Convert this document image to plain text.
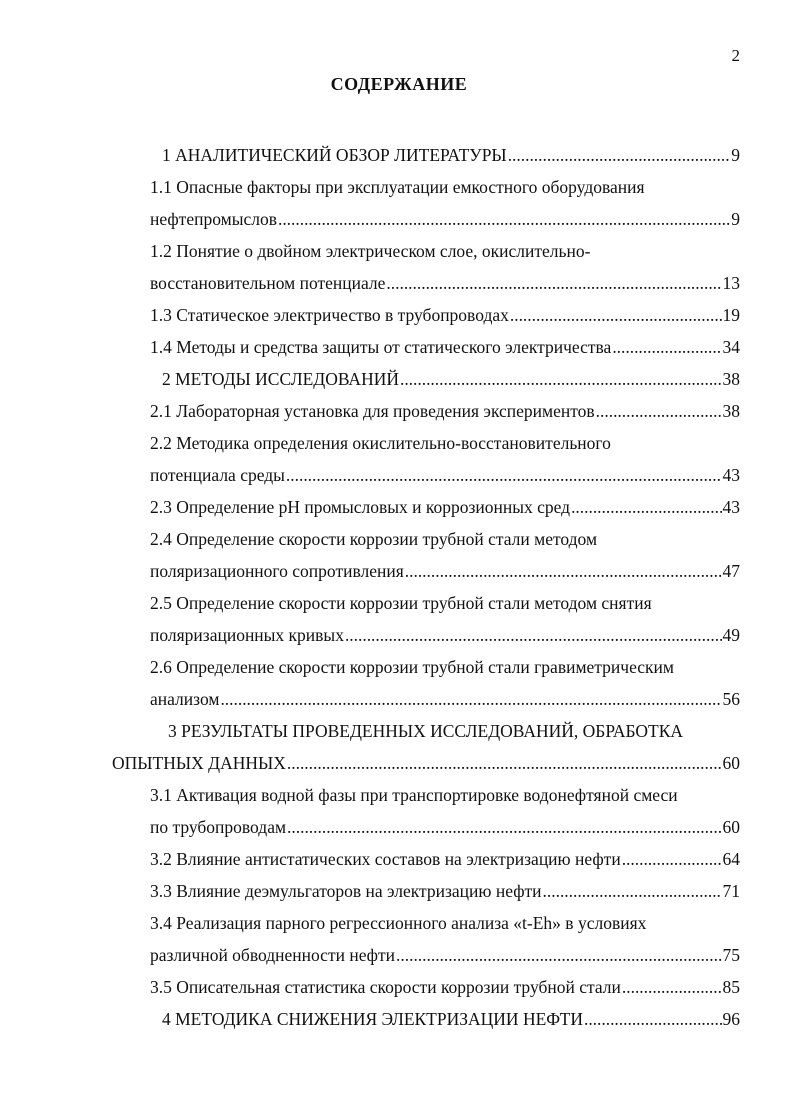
2
СОДЕРЖАНИЕ
1 АНАЛИТИЧЕСКИЙ ОБЗОР ЛИТЕРАТУРЫ . . .	9
1.1 Опасные факторы при эксплуатации емкостного оборудования
нефтепромыслов . . .	9
1.2 Понятие о двойном электрическом слое, окислительно-
восстановительном потенциале . . .	13
1.3 Статическое электричество в трубопроводах . . .	19
1.4 Методы и средства защиты от статического электричества . . .	34
2 МЕТОДЫ ИССЛЕДОВАНИЙ . . .	38
2.1 Лабораторная установка для проведения экспериментов . . .	38
2.2 Методика определения окислительно-восстановительного
потенциала среды . . .	43
2.3 Определение pH промысловых и коррозионных сред . . .	43
2.4 Определение скорости коррозии трубной стали методом
поляризационного сопротивления . . .	47
2.5 Определение скорости коррозии трубной стали методом снятия
поляризационных кривых . . .	49
2.6 Определение скорости коррозии трубной стали гравиметрическим
анализом . . .	56
3 РЕЗУЛЬТАТЫ ПРОВЕДЕННЫХ ИССЛЕДОВАНИЙ, ОБРАБОТКА
ОПЫТНЫХ ДАННЫХ . . .	60
3.1 Активация водной фазы при транспортировке водонефтяной смеси
по трубопроводам . . .	60
3.2 Влияние антистатических составов на электризацию нефти . . .	64
3.3 Влияние деэмульгаторов на электризацию нефти . . .	71
3.4 Реализация парного регрессионного анализа «t-Eh» в условиях
различной обводненности нефти . . .	75
3.5 Описательная статистика скорости коррозии трубной стали . . .	85
4 МЕТОДИКА СНИЖЕНИЯ ЭЛЕКТРИЗАЦИИ НЕФТИ . . .	96
